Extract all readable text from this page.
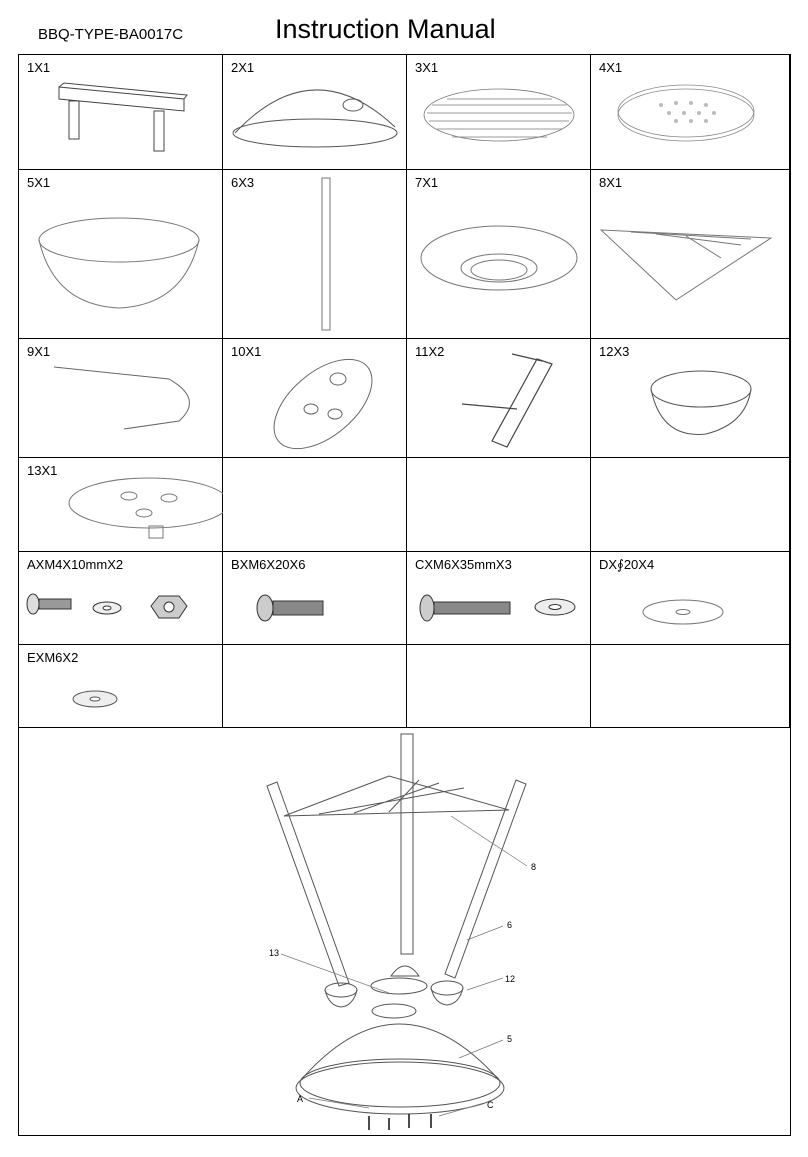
BBQ-TYPE-BA0017C	Instruction Manual
1X1	2X1	3X1	4X1
5X1	6X3	7X1	8X1
9X1	10X1	11X2	12X3
13X1
AXM4X10mmX2	BXM6X20X6	CXM6X35mmX3	DX∮20X4
EXM6X2
8
6
13
12
5
A
C
